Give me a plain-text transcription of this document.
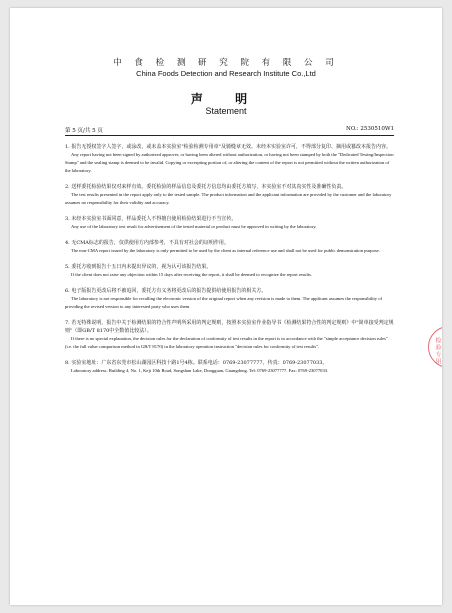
中 食 检 测 研 究 院 有 限 公 司
China Foods Detection and Research Institute Co.,Ltd
声 明
Statement
第 5 页/共 5 页	NO.: 2530510W1
1. 报告无授权签字人签字，或涂改，或未盖本实验室"检验检测专用章"及骑缝章无效。未经本实验室许可，不得部分复印、摘用或篡改本报告内容。
Any report having not been signed by authorized approver, or having been altered without authorization, or having not been stamped by both the "Dedicated Testing/Inspection Stamp" and the sealing stamp is deemed to be invalid. Copying or excerpting portion of, or altering the content of the report is not permitted without the written authorization of the laboratory.
2. 送样委托检验结果仅对来样有效。委托检验的样品信息及委托方信息均由委托方填写，本实验室不对其真实性及准确性负责。
The test results presented in the report apply only to the tested sample. The product information and the applicant information are provided by the customer and the laboratory assumes no responsibility for their validity and accuracy.
3. 未经本实验室书面同意，样品委托人不得擅自使用检验结果进行不当宣传。
Any use of the laboratory test result for advertisement of the tested material or product must be approved in writing by the laboratory.
4. 无CMA标志的报告，仅供使用方内部参考，不具有对社会的证明作用。
The non-CMA report issued by the laboratory is only permitted to be used by the client as internal reference use and shall not be used for public demonstration purpose.
5. 委托方收到报告十五日内未提出异议的，视为认可该报告结果。
If the client does not raise any objection within 15 days after receiving the report, it shall be deemed to recognize the report results.
6. 电子版报告更改后将不被追回，委托方有义务将更改后的报告提供给使用报告的相关方。
The laboratory is not responsible for recalling the electronic version of the original report when any revision is made to them. The applicant assumes the responsibility of providing the revised version to any interested party who uses them.
7. 若无特殊说明，报告中关于检测结果的符合性声明所采用的判定规则，按照本实验室作业指导书《检测结果符合性的判定规则》中"简单接受判定规则"（即GB/T 8170中全数值比较法）。
If there is no special explanation, the decision rules for the declaration of conformity of test results in the report is in accordance with the "simple acceptance decision rules" (i.e. the full value comparison method in GB/T 8170) in the laboratory operation instruction "decision rules for conformity of test results".
8. 实验室地址：广东省东莞市松山湖园区科技十路1号4栋。联系电话：0769-23077777，传真：0769-23077033。
Laboratory address: Building 4, No. 1, Keji 10th Road, Songshan Lake, Dongguan, Guangdong. Tel: 0769-23077777. Fax: 0769-23077033.
检验专用
